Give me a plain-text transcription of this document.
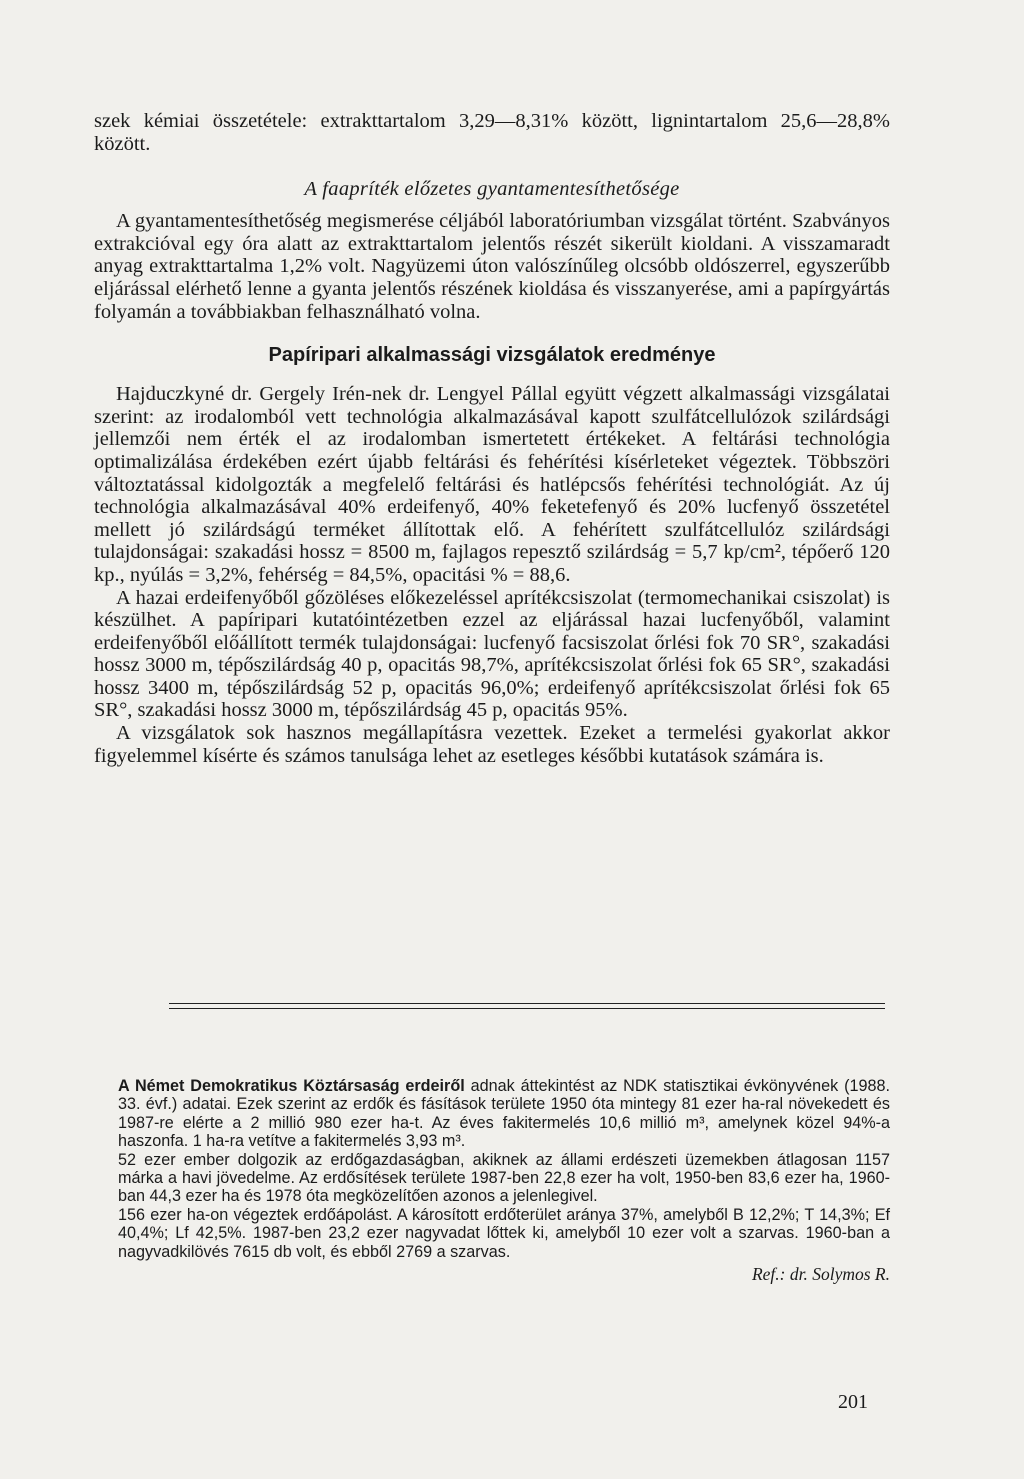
szek kémiai összetétele: extrakttartalom 3,29—8,31% között, lignintartalom 25,6—28,8% között.

A faapríték előzetes gyantamentesíthetősége

A gyantamentesíthetőség megismerése céljából laboratóriumban vizsgálat történt. Szabványos extrakcióval egy óra alatt az extrakttartalom jelentős részét sikerült kioldani. A visszamaradt anyag extrakttartalma 1,2% volt. Nagyüzemi úton valószínűleg olcsóbb oldószerrel, egyszerűbb eljárással elérhető lenne a gyanta jelentős részének kioldása és visszanyerése, ami a papírgyártás folyamán a továbbiakban felhasználható volna.

Papíripari alkalmassági vizsgálatok eredménye

Hajduczkyné dr. Gergely Irén-nek dr. Lengyel Pállal együtt végzett alkalmassági vizsgálatai szerint: az irodalomból vett technológia alkalmazásával kapott szulfátcellulózok szilárdsági jellemzői nem érték el az irodalomban ismertetett értékeket. A feltárási technológia optimalizálása érdekében ezért újabb feltárási és fehérítési kísérleteket végeztek. Többszöri változtatással kidolgozták a megfelelő feltárási és hatlépcsős fehérítési technológiát. Az új technológia alkalmazásával 40% erdeifenyő, 40% feketefenyő és 20% lucfenyő összetétel mellett jó szilárdságú terméket állítottak elő. A fehérített szulfátcellulóz szilárdsági tulajdonságai: szakadási hossz = 8500 m, fajlagos repesztő szilárdság = 5,7 kp/cm², tépőerő 120 kp., nyúlás = 3,2%, fehérség = 84,5%, opacitási % = 88,6.

A hazai erdeifenyőből gőzöléses előkezeléssel aprítékcsiszolat (termomechanikai csiszolat) is készülhet. A papíripari kutatóintézetben ezzel az eljárással hazai lucfenyőből, valamint erdeifenyőből előállított termék tulajdonságai: lucfenyő facsiszolat őrlési fok 70 SR°, szakadási hossz 3000 m, tépőszilárdság 40 p, opacitás 98,7%, aprítékcsiszolat őrlési fok 65 SR°, szakadási hossz 3400 m, tépőszilárdság 52 p, opacitás 96,0%; erdeifenyő aprítékcsiszolat őrlési fok 65 SR°, szakadási hossz 3000 m, tépőszilárdság 45 p, opacitás 95%.

A vizsgálatok sok hasznos megállapításra vezettek. Ezeket a termelési gyakorlat akkor figyelemmel kísérte és számos tanulsága lehet az esetleges későbbi kutatások számára is.

A Német Demokratikus Köztársaság erdeiről adnak áttekintést az NDK statisztikai évkönyvének (1988. 33. évf.) adatai. Ezek szerint az erdők és fásítások területe 1950 óta mintegy 81 ezer ha-ral növekedett és 1987-re elérte a 2 millió 980 ezer ha-t. Az éves fakitermelés 10,6 millió m³, amelynek közel 94%-a haszonfa. 1 ha-ra vetítve a fakitermelés 3,93 m³.

52 ezer ember dolgozik az erdőgazdaságban, akiknek az állami erdészeti üzemekben átlagosan 1157 márka a havi jövedelme. Az erdősítések területe 1987-ben 22,8 ezer ha volt, 1950-ben 83,6 ezer ha, 1960-ban 44,3 ezer ha és 1978 óta megközelítően azonos a jelenlegivel.

156 ezer ha-on végeztek erdőápolást. A károsított erdőterület aránya 37%, amelyből B 12,2%; T 14,3%; Ef 40,4%; Lf 42,5%. 1987-ben 23,2 ezer nagyvadat lőttek ki, amelyből 10 ezer volt a szarvas. 1960-ban a nagyvadkilövés 7615 db volt, és ebből 2769 a szarvas.

Ref.: dr. Solymos R.

201
